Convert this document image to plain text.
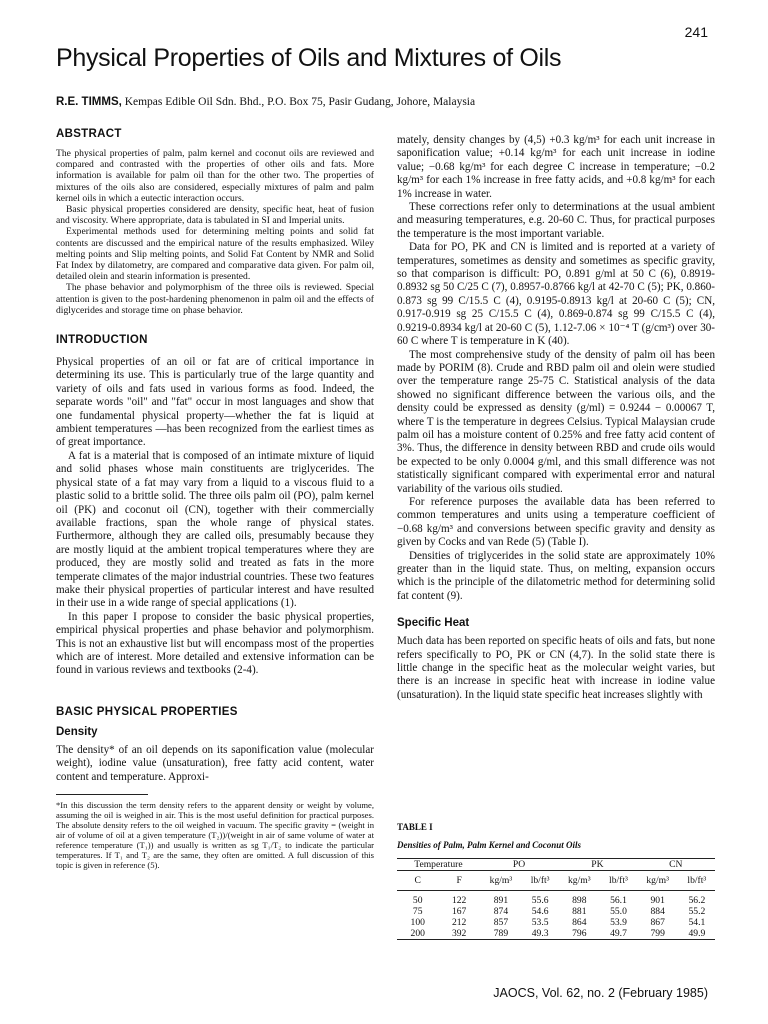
241
Physical Properties of Oils and Mixtures of Oils
R.E. TIMMS, Kempas Edible Oil Sdn. Bhd., P.O. Box 75, Pasir Gudang, Johore, Malaysia
ABSTRACT

The physical properties of palm, palm kernel and coconut oils are reviewed and compared and contrasted with the properties of other oils and fats. More information is available for palm oil than for the other two. The properties of mixtures of the oils also are considered, especially mixtures of palm and palm kernel oils in which a eutectic interaction occurs.

Basic physical properties considered are density, specific heat, heat of fusion and viscosity. Where appropriate, data is tabulated in SI and Imperial units.

Experimental methods used for determining melting points and solid fat contents are discussed and the empirical nature of the results emphasized. Wiley melting points and Slip melting points, and Solid Fat Content by NMR and Solid Fat Index by dilatometry, are compared and comparative data given. For palm oil, detailed olein and stearin information is presented.

The phase behavior and polymorphism of the three oils is reviewed. Special attention is given to the post-hardening phenomenon in palm oil and the effects of diglycerides and storage time on phase behavior.

INTRODUCTION

Physical properties of an oil or fat are of critical importance in determining its use. This is particularly true of the large quantity and variety of oils and fats used in various forms as food. Indeed, the separate words "oil" and "fat" occur in most languages and show that one fundamental physical property—whether the fat is liquid at ambient temperatures —has been recognized from the earliest times as of great importance.

A fat is a material that is composed of an intimate mixture of liquid and solid phases whose main constituents are triglycerides. The physical state of a fat may vary from a liquid to a viscous fluid to a plastic solid to a brittle solid. The three oils palm oil (PO), palm kernel oil (PK) and coconut oil (CN), together with their commercially available fractions, span the whole range of physical states. Furthermore, although they are called oils, presumably because they are mostly liquid at the ambient tropical temperatures where they are produced, they are mostly solid and treated as fats in the more temperate climates of the major industrial countries. These two features make their physical properties of particular interest and have resulted in their use in a wide range of special applications (1).

In this paper I propose to consider the basic physical properties, empirical physical properties and phase behavior and polymorphism. This is not an exhaustive list but will encompass most of the properties which are of interest. More detailed and extensive information can be found in various reviews and textbooks (2-4).

BASIC PHYSICAL PROPERTIES
Density

The density* of an oil depends on its saponification value (molecular weight), iodine value (unsaturation), free fatty acid content, water content and temperature. Approxi-

*In this discussion the term density refers to the apparent density or weight by volume, assuming the oil is weighed in air. This is the most useful definition for practical purposes. The absolute density refers to the oil weighed in vacuum. The specific gravity = (weight in air of volume of oil at a given temperature (T₂))/(weight in air of same volume of water at reference temperature (T₁)) and usually is written as sg T₁/T₂ to indicate the particular temperatures. If T₁ and T₂ are the same, they often are omitted. A full discussion of this topic is given in reference (5).

mately, density changes by (4,5) +0.3 kg/m³ for each unit increase in saponification value; +0.14 kg/m³ for each unit increase in iodine value; −0.68 kg/m³ for each degree C increase in temperature; −0.2 kg/m³ for each 1% increase in free fatty acids, and +0.8 kg/m³ for each 1% increase in water.

These corrections refer only to determinations at the usual ambient and measuring temperatures, e.g. 20-60 C. Thus, for practical purposes the temperature is the most important variable.

Data for PO, PK and CN is limited and is reported at a variety of temperatures, sometimes as density and sometimes as specific gravity, so that comparison is difficult: PO, 0.891 g/ml at 50 C (6), 0.8919-0.8932 sg 50 C/25 C (7), 0.8957-0.8766 kg/l at 42-70 C (5); PK, 0.860-0.873 sg 99 C/15.5 C (4), 0.9195-0.8913 kg/l at 20-60 C (5); CN, 0.917-0.919 sg 25 C/15.5 C (4), 0.869-0.874 sg 99 C/15.5 C (4), 0.9219-0.8934 kg/l at 20-60 C (5), 1.12-7.06 × 10⁻⁴ T (g/cm³) over 30-60 C where T is temperature in K (40).

The most comprehensive study of the density of palm oil has been made by PORIM (8). Crude and RBD palm oil and olein were studied over the temperature range 25-75 C. Statistical analysis of the data showed no significant difference between the various oils, and the density could be expressed as density (g/ml) = 0.9244 − 0.00067 T, where T is the temperature in degrees Celsius. Typical Malaysian crude palm oil has a moisture content of 0.25% and free fatty acid content of 3%. Thus, the difference in density between RBD and crude oils would be expected to be only 0.0004 g/ml, and this small difference was not statistically significant compared with experimental error and natural variability of the various oils studied.

For reference purposes the available data has been referred to common temperatures and units using a temperature coefficient of −0.68 kg/m³ and conversions between specific gravity and density as given by Cocks and van Rede (5) (Table I).

Densities of triglycerides in the solid state are approximately 10% greater than in the liquid state. Thus, on melting, expansion occurs which is the principle of the dilatometric method for determining solid fat content (9).

Specific Heat

Much data has been reported on specific heats of oils and fats, but none refers specifically to PO, PK or CN (4,7). In the solid state there is little change in the specific heat as the molecular weight varies, but there is an increase in specific heat with increase in iodine value (unsaturation). In the liquid state specific heat increases slightly with

TABLE I

Densities of Palm, Palm Kernel and Coconut Oils

Temperature		PO		PK		CN	
C	F	kg/m³	lb/ft³	kg/m³	lb/ft³	kg/m³	lb/ft³

50	122	891	55.6	898	56.1	901	56.2
75	167	874	54.6	881	55.0	884	55.2
100	212	857	53.5	864	53.9	867	54.1
200	392	789	49.3	796	49.7	799	49.9

JAOCS, Vol. 62, no. 2 (February 1985)
